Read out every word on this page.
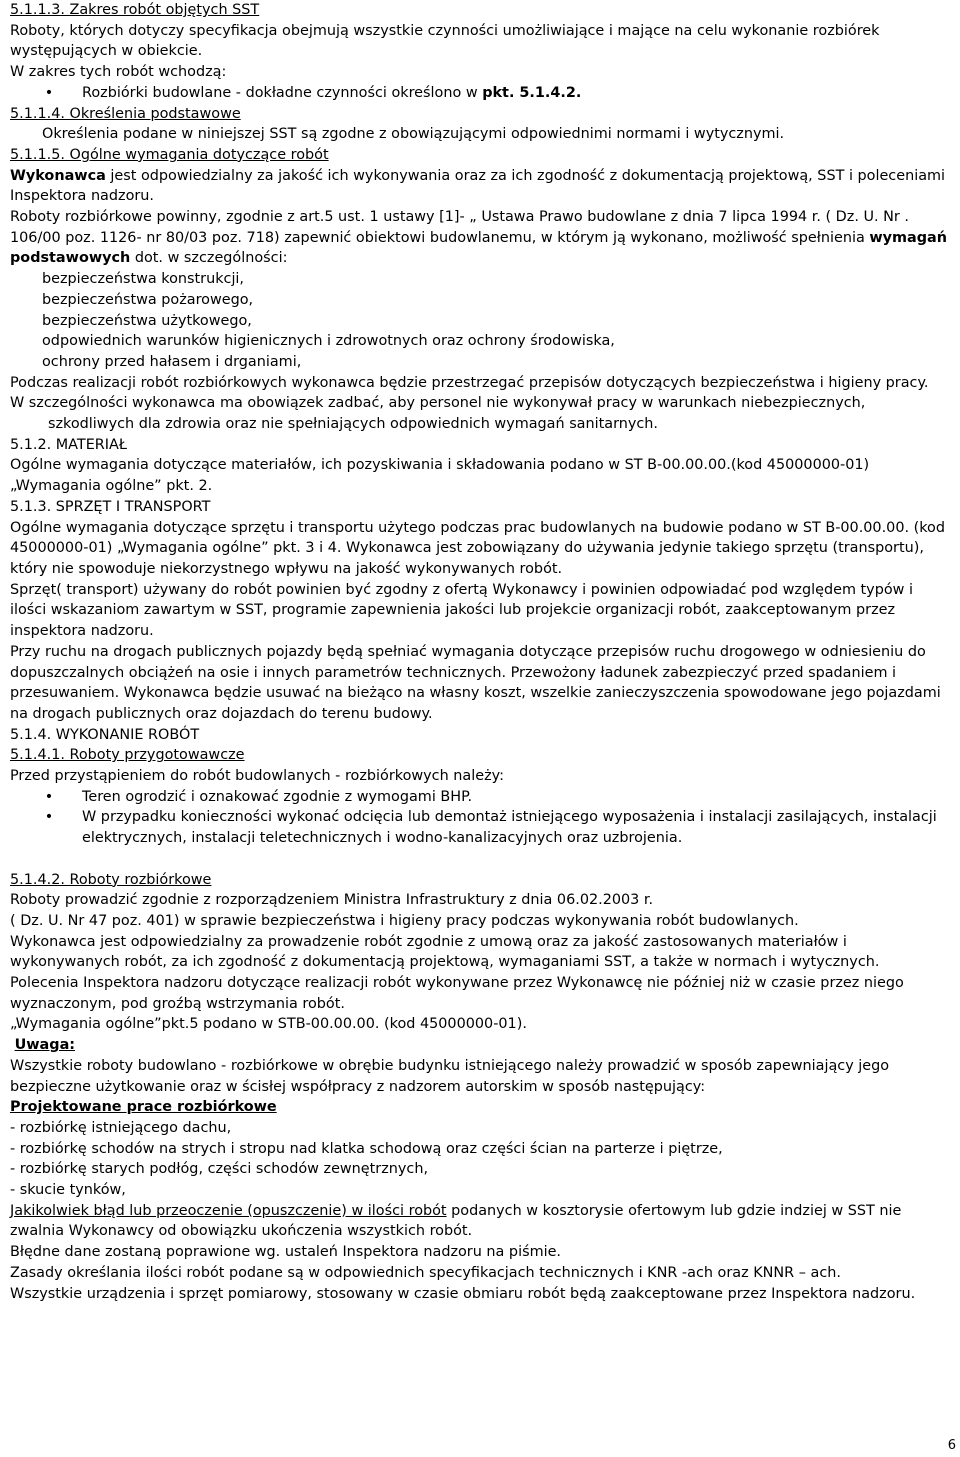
5.1.1.3. Zakres robót objętych SST
Roboty, których dotyczy specyfikacja obejmują wszystkie czynności umożliwiające i mające na celu wykonanie rozbiórek występujących w obiekcie.
W zakres tych robót wchodzą:
• Rozbiórki budowlane - dokładne czynności określono w pkt. 5.1.4.2.
5.1.1.4. Określenia podstawowe
Określenia podane w niniejszej SST są zgodne z obowiązującymi odpowiednimi normami i wytycznymi.
5.1.1.5. Ogólne wymagania dotyczące robót
Wykonawca jest odpowiedzialny za jakość ich wykonywania oraz za ich zgodność z dokumentacją projektową, SST i poleceniami Inspektora nadzoru.
Roboty rozbiórkowe powinny, zgodnie z art.5 ust. 1 ustawy [1]- „ Ustawa Prawo budowlane z dnia 7 lipca 1994 r. ( Dz. U. Nr . 106/00 poz. 1126- nr 80/03 poz. 718) zapewnić obiektowi budowlanemu, w którym ją wykonano, możliwość spełnienia wymagań podstawowych dot. w szczególności:
bezpieczeństwa konstrukcji,
bezpieczeństwa pożarowego,
bezpieczeństwa użytkowego,
odpowiednich warunków higienicznych i zdrowotnych oraz ochrony środowiska,
ochrony przed hałasem i drganiami,
Podczas realizacji robót rozbiórkowych wykonawca będzie przestrzegać przepisów dotyczących bezpieczeństwa i higieny pracy.
W szczególności wykonawca ma obowiązek zadbać, aby personel nie wykonywał pracy w warunkach niebezpiecznych, szkodliwych dla zdrowia oraz nie spełniających odpowiednich wymagań sanitarnych.
5.1.2. MATERIAŁ
Ogólne wymagania dotyczące materiałów, ich pozyskiwania i składowania podano w ST B-00.00.00.(kod 45000000-01) „Wymagania ogólne” pkt. 2.
5.1.3. SPRZĘT I TRANSPORT
Ogólne wymagania dotyczące sprzętu i transportu użytego podczas prac budowlanych na budowie podano w ST B-00.00.00. (kod 45000000-01) „Wymagania ogólne” pkt. 3 i 4. Wykonawca jest zobowiązany do używania jedynie takiego sprzętu (transportu), który nie spowoduje niekorzystnego wpływu na jakość wykonywanych robót.
Sprzęt( transport) używany do robót powinien być zgodny z ofertą Wykonawcy i powinien odpowiadać pod względem typów i ilości wskazaniom zawartym w SST, programie zapewnienia jakości lub projekcie organizacji robót, zaakceptowanym przez inspektora nadzoru.
Przy ruchu na drogach publicznych pojazdy będą spełniać wymagania dotyczące przepisów ruchu drogowego w odniesieniu do dopuszczalnych obciążeń na osie i innych parametrów technicznych. Przewożony ładunek zabezpieczyć przed spadaniem i przesuwaniem. Wykonawca będzie usuwać na bieżąco na własny koszt, wszelkie zanieczyszczenia spowodowane jego pojazdami na drogach publicznych oraz dojazdach do terenu budowy.
5.1.4. WYKONANIE ROBÓT
5.1.4.1. Roboty przygotowawcze
Przed przystąpieniem do robót budowlanych - rozbiórkowych należy:
• Teren ogrodzić i oznakować zgodnie z wymogami BHP.
• W przypadku konieczności wykonać odcięcia lub demontaż istniejącego wyposażenia i instalacji zasilających, instalacji elektrycznych, instalacji teletechnicznych i wodno-kanalizacyjnych oraz uzbrojenia.
5.1.4.2. Roboty rozbiórkowe
Roboty prowadzić zgodnie z rozporządzeniem Ministra Infrastruktury z dnia 06.02.2003 r.
( Dz. U. Nr 47 poz. 401) w sprawie bezpieczeństwa i higieny pracy podczas wykonywania robót budowlanych.
Wykonawca jest odpowiedzialny za prowadzenie robót zgodnie z umową oraz za jakość zastosowanych materiałów i wykonywanych robót, za ich zgodność z dokumentacją projektową, wymaganiami SST, a także w normach i wytycznych.
Polecenia Inspektora nadzoru dotyczące realizacji robót wykonywane przez Wykonawcę nie później niż w czasie przez niego wyznaczonym, pod groźbą wstrzymania robót.
„Wymagania ogólne”pkt.5 podano w STB-00.00.00. (kod 45000000-01).
Uwaga:
Wszystkie roboty budowlano - rozbiórkowe w obrębie budynku istniejącego należy prowadzić w sposób zapewniający jego bezpieczne użytkowanie oraz w ścisłej współpracy z nadzorem autorskim w sposób następujący:
Projektowane prace rozbiórkowe
- rozbiórkę istniejącego dachu,
- rozbiórkę schodów na strych i stropu nad klatka schodową oraz części ścian na parterze i piętrze,
- rozbiórkę starych podłóg, części schodów zewnętrznych,
- skucie tynków,
Jakikolwiek błąd lub przeoczenie (opuszczenie) w ilości robót podanych w kosztorysie ofertowym lub gdzie indziej w SST nie zwalnia Wykonawcy od obowiązku ukończenia wszystkich robót.
Błędne dane zostaną poprawione wg. ustaleń Inspektora nadzoru na piśmie.
Zasady określania ilości robót podane są w odpowiednich specyfikacjach technicznych i KNR -ach oraz KNNR – ach.
Wszystkie urządzenia i sprzęt pomiarowy, stosowany w czasie obmiaru robót będą zaakceptowane przez Inspektora nadzoru.
6
